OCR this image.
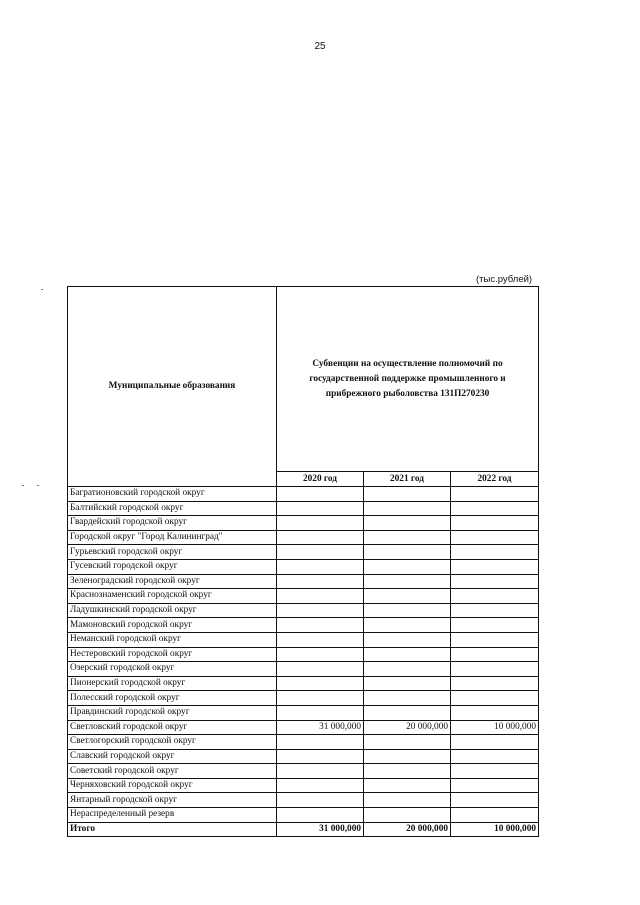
25
(тыс.рублей)
Муниципальные образования	Субвенции на осуществление полномочий по государственной поддержке промышленного и прибрежного рыболовства 131П270230		
	2020 год	2021 год	2022 год
Багратионовский городской округ			
Балтийский городской округ			
Гвардейский городской округ			
Городской округ "Город Калининград"			
Гурьевский городской округ			
Гусевский городской округ			
Зеленоградский городской округ			
Краснознаменский городской округ			
Ладушкинский городской округ			
Мамоновский городской округ			
Неманский городской округ			
Нестеровский городской округ			
Озерский городской округ			
Пионерский городской округ			
Полесский городской округ			
Правдинский городской округ			
Светловский городской округ	31 000,000	20 000,000	10 000,000
Светлогорский городской округ			
Славский городской округ			
Советский городской округ			
Черняховский городской округ			
Янтарный городской округ			
Нераспределенный резерв			
Итого	31 000,000	20 000,000	10 000,000
